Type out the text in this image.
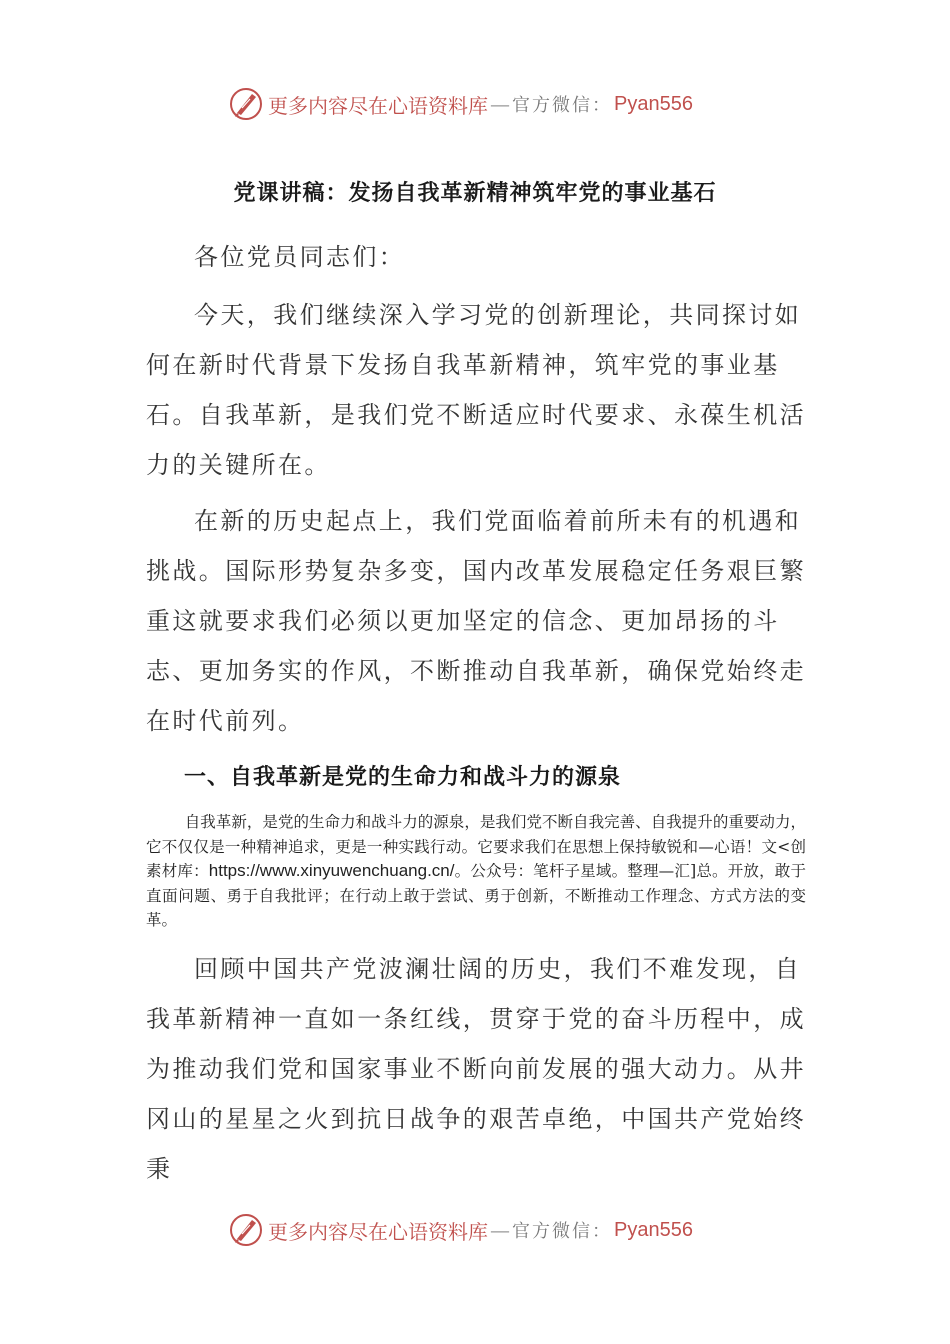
更多内容尽在心语资料库 — 官方微信： Pyan556
党课讲稿：发扬自我革新精神筑牢党的事业基石

各位党员同志们：

今天，我们继续深入学习党的创新理论，共同探讨如何在新时代背景下发扬自我革新精神，筑牢党的事业基石。自我革新，是我们党不断适应时代要求、永葆生机活力的关键所在。

在新的历史起点上，我们党面临着前所未有的机遇和挑战。国际形势复杂多变，国内改革发展稳定任务艰巨繁重这就要求我们必须以更加坚定的信念、更加昂扬的斗志、更加务实的作风，不断推动自我革新，确保党始终走在时代前列。

一、自我革新是党的生命力和战斗力的源泉

自我革新，是党的生命力和战斗力的源泉，是我们党不断自我完善、自我提升的重要动力，它不仅仅是一种精神追求，更是一种实践行动。它要求我们在思想上保持敏锐和—心语！文<创素材库：https://www.xinyuwenchuang.cn/。公众号：笔杆子星域。整理—汇]总。开放，敢于直面问题、勇于自我批评；在行动上敢于尝试、勇于创新，不断推动工作理念、方式方法的变革。

回顾中国共产党波澜壮阔的历史，我们不难发现，自我革新精神一直如一条红线，贯穿于党的奋斗历程中，成为推动我们党和国家事业不断向前发展的强大动力。从井冈山的星星之火到抗日战争的艰苦卓绝，中国共产党始终秉

更多内容尽在心语资料库 — 官方微信： Pyan556
